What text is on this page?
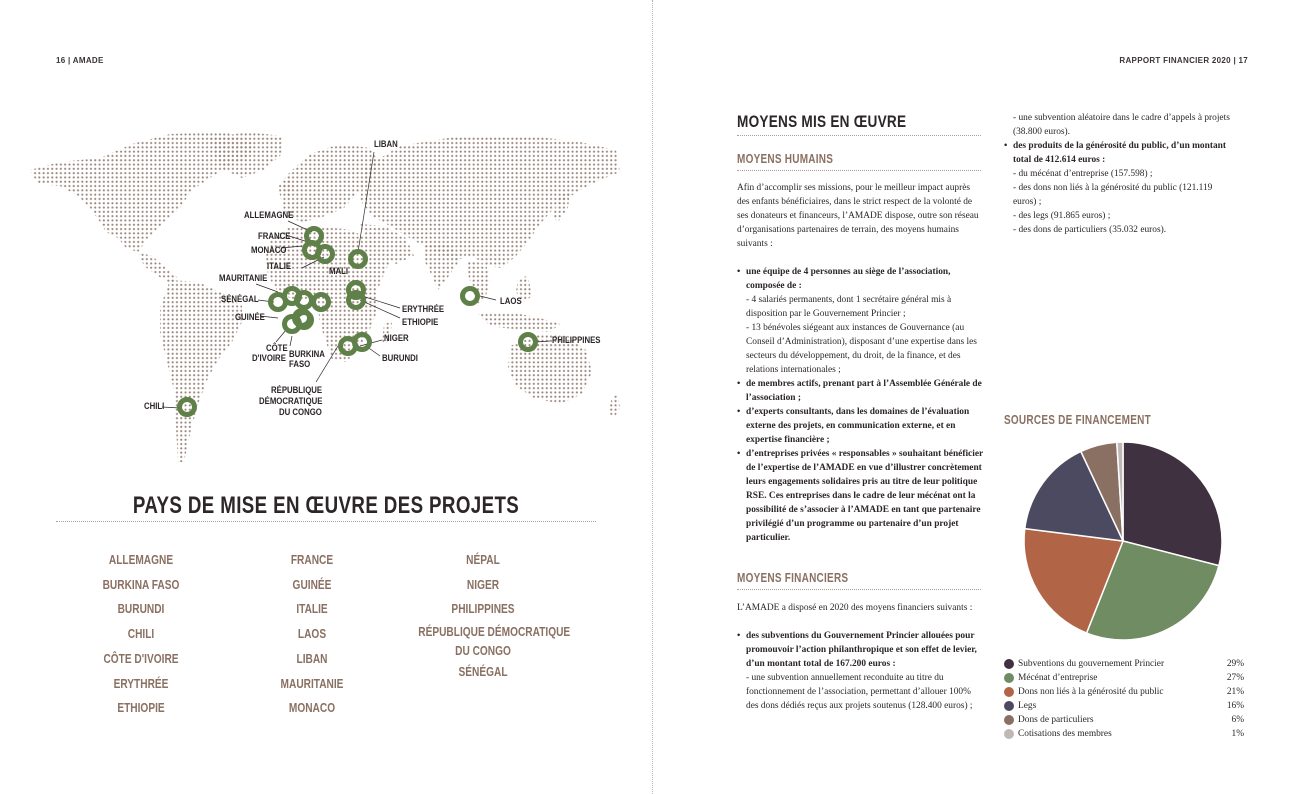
16 | AMADE
LIBAN
ALLEMAGNE
FRANCE
MONACO
ITALIE	MALI
MAURITANIE
SÉNÉGAL
GUINÉE
CÔTE
D'IVOIRE BURKINA
FASO
ERYTHRÉE
ETHIOPIE
NIGER
BURUNDI
LAOS
PHILIPPINES
RÉPUBLIQUE
DÉMOCRATIQUE
DU CONGO
CHILI
PAYS DE MISE EN ŒUVRE DES PROJETS
ALLEMAGNE
BURKINA FASO
BURUNDI
CHILI
CÔTE D'IVOIRE
ERYTHRÉE
ETHIOPIE
FRANCE
GUINÉE
ITALIE
LAOS
LIBAN
MAURITANIE
MONACO
NÉPAL
NIGER
PHILIPPINES
RÉPUBLIQUE DÉMOCRATIQUE
DU CONGO
SÉNÉGAL
RAPPORT FINANCIER 2020 | 17
MOYENS MIS EN ŒUVRE
MOYENS HUMAINS

Afin d’accomplir ses missions, pour le meilleur impact auprès des enfants bénéficiaires, dans le strict respect de la volonté de ses donateurs et financeurs, l’AMADE dispose, outre son réseau d’organisations partenaires de terrain, des moyens humains suivants :

• une équipe de 4 personnes au siège de l’association, composée de :

- 4 salariés permanents, dont 1 secrétaire général mis à disposition par le Gouvernement Princier ;

- 13 bénévoles siégeant aux instances de Gouvernance (au Conseil d’Administration), disposant d’une expertise dans les secteurs du développement, du droit, de la finance, et des relations internationales ;

• de membres actifs, prenant part à l’Assemblée Générale de l’association ;

• d’experts consultants, dans les domaines de l’évaluation externe des projets, en communication externe, et en expertise financière ;

• d’entreprises privées « responsables » souhaitant bénéficier de l’expertise de l’AMADE en vue d’illustrer concrètement leurs engagements solidaires pris au titre de leur politique RSE. Ces entreprises dans le cadre de leur mécénat ont la possibilité de s’associer à l’AMADE en tant que partenaire privilégié d’un programme ou partenaire d’un projet particulier.

MOYENS FINANCIERS

L’AMADE a disposé en 2020 des moyens financiers suivants :

• des subventions du Gouvernement Princier allouées pour promouvoir l’action philanthropique et son effet de levier, d’un montant total de 167.200 euros :

- une subvention annuellement reconduite au titre du fonctionnement de l’association, permettant d’allouer 100% des dons dédiés reçus aux projets soutenus (128.400 euros) ;

- une subvention aléatoire dans le cadre d’appels à projets (38.800 euros).

• des produits de la générosité du public, d’un montant total de 412.614 euros :

- du mécénat d’entreprise (157.598) ;

- des dons non liés à la générosité du public (121.119 euros) ;

- des legs (91.865 euros) ;

- des dons de particuliers (35.032 euros).

SOURCES DE FINANCEMENT
Subventions du gouvernement Princier	29%
Mécénat d’entreprise	27%
Dons non liés à la générosité du public	21%
Legs	16%
Dons de particuliers	6%
Cotisations des membres	1%
